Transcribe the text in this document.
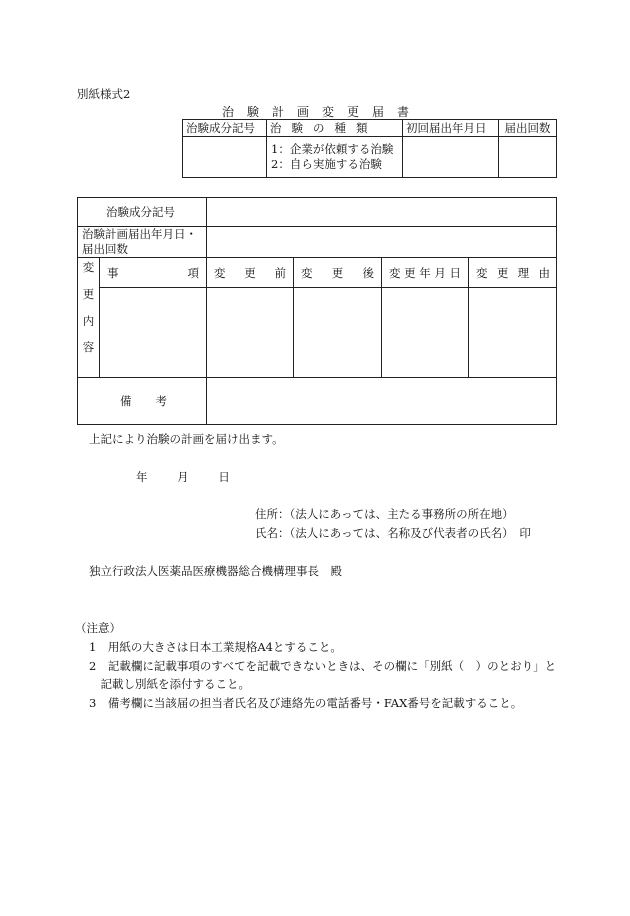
別紙様式2
治験計画変更届書
治験成分記号	治験の種類	初回届出年月日	届出回数

	1：企業が依頼する治験
2：自ら実施する治験		

治験成分記号					

治験計画届出年月日・
届出回数					

変
更
内
容	事 項	変 更 前	変 更 後	変 更 年 月 日	変 更 理 由

備考					
上記により治験の計画を届け出ます。
年	月	日
住所：（法人にあっては、主たる事務所の所在地）
氏名：（法人にあっては、名称及び代表者の氏名）　印
独立行政法人医薬品医療機器総合機構理事長　殿
（注意）
1　用紙の大きさは日本工業規格A4とすること。
2　記載欄に記載事項のすべてを記載できないときは、その欄に「別紙（　）のとおり」と
　記載し別紙を添付すること。
3　備考欄に当該届の担当者氏名及び連絡先の電話番号・FAX番号を記載すること。
